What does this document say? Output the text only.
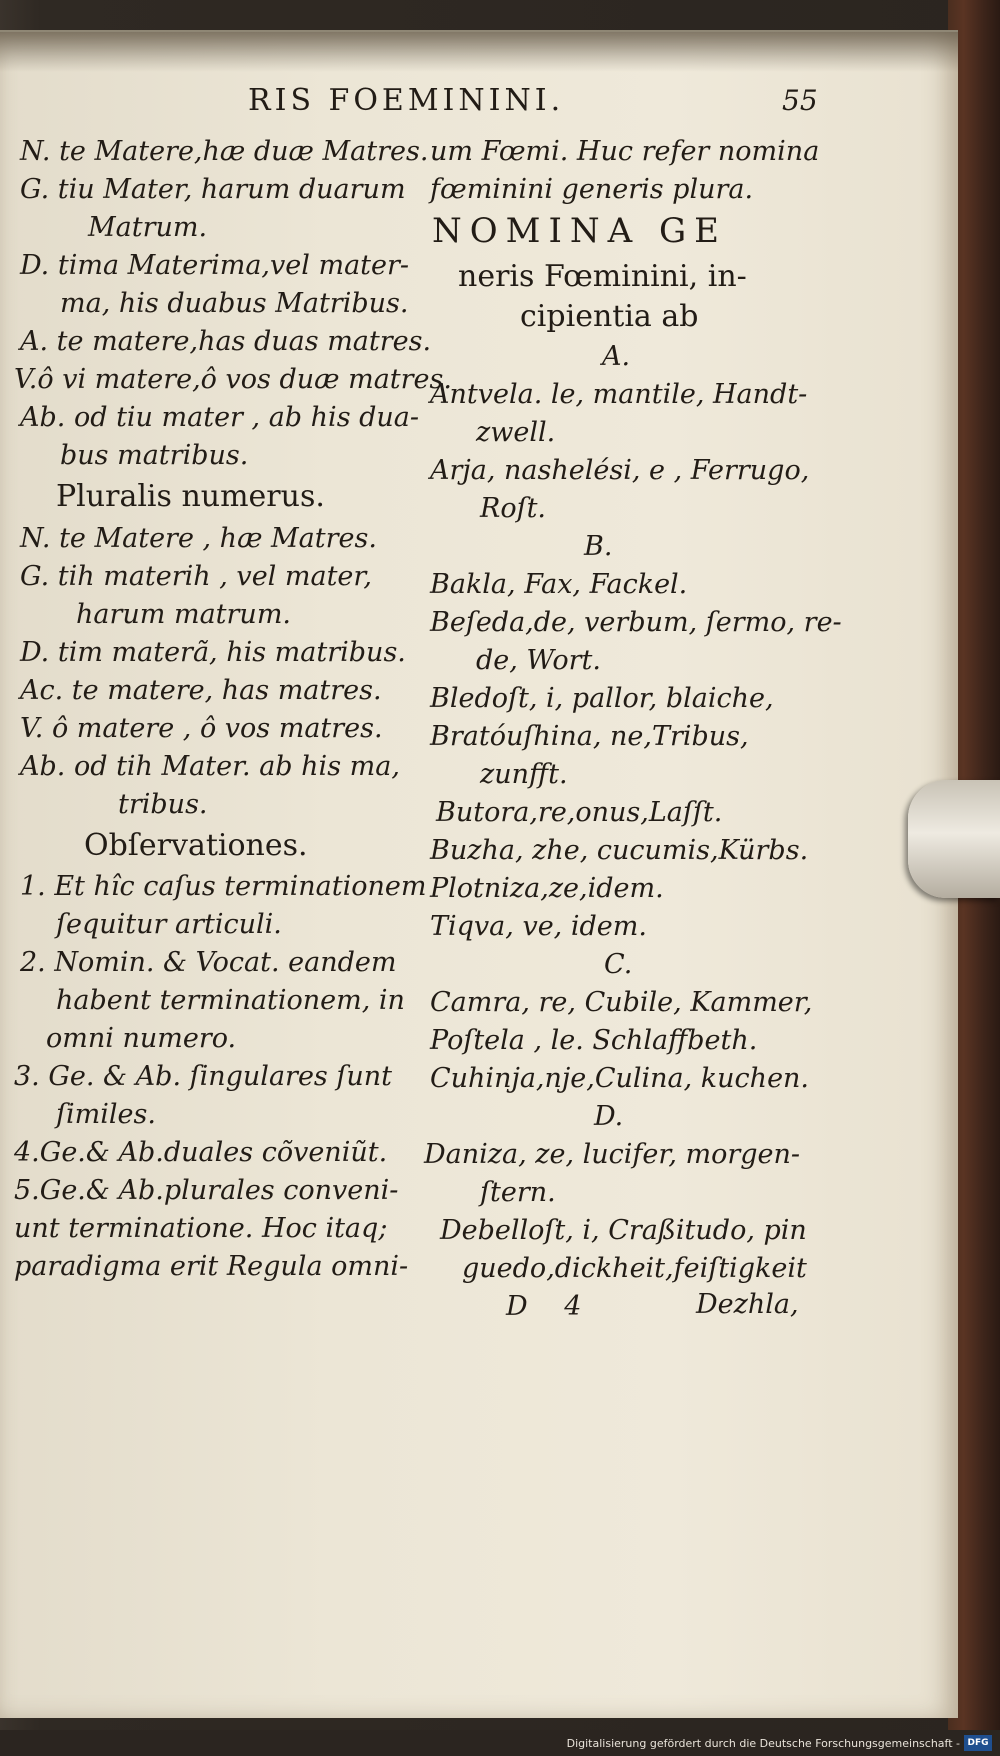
RIS FOEMININI.	55
N. te Matere,hæ duæ Matres.
G. tiu Mater, harum duarum
Matrum.
D. tima Materima,vel mater-
ma, his duabus Matribus.
A. te matere,has duas matres.
V.ô vi matere,ô vos duæ matres.
Ab. od tiu mater , ab his dua-
bus matribus.
Pluralis numerus.
N. te Matere , hæ Matres.
G. tih materih , vel mater,
harum matrum.
D. tim materã, his matribus.
Ac. te matere, has matres.
V. ô matere , ô vos matres.
Ab. od tih Mater. ab his ma,
tribus.
Obſervationes.
1. Et hîc caſus terminationem
ſequitur articuli.
2. Nomin. & Vocat. eandem
habent terminationem, in
omni numero.
3. Ge. & Ab. ſingulares ſunt
ſimiles.
4.Ge.& Ab.duales cõveniũt.
5.Ge.& Ab.plurales conveni-
unt terminatione. Hoc itaq;
paradigma erit Regula omni-
um Fœmi. Huc refer nomina
fœminini generis plura.
NOMINA GE
neris Fœminini, in-
cipientia ab
A.
Antvela. le, mantile, Handt-
zwell.
Arja, nashelési, e , Ferrugo,
Roſt.
B.
Bakla, Fax, Fackel.
Beſeda,de, verbum, ſermo, re-
de, Wort.
Bledoſt, i, pallor, blaiche,
Bratóuſhina, ne,Tribus,
zunfft.
Butora,re,onus,Laſſt.
Buzha, zhe, cucumis,Kürbs.
Plotniza,ze,idem.
Tiqva, ve, idem.
C.
Camra, re, Cubile, Kammer,
Poſtela , le. Schlaffbeth.
Cuhinja,nje,Culina, kuchen.
D.
Daniza, ze, lucifer, morgen-
ſtern.
Debelloſt, i, Craßitudo, pin
guedo,dickheit,feiſtigkeit
D 4	Dezhla,
Digitalisierung gefördert durch die Deutsche Forschungsgemeinschaft - DFG
